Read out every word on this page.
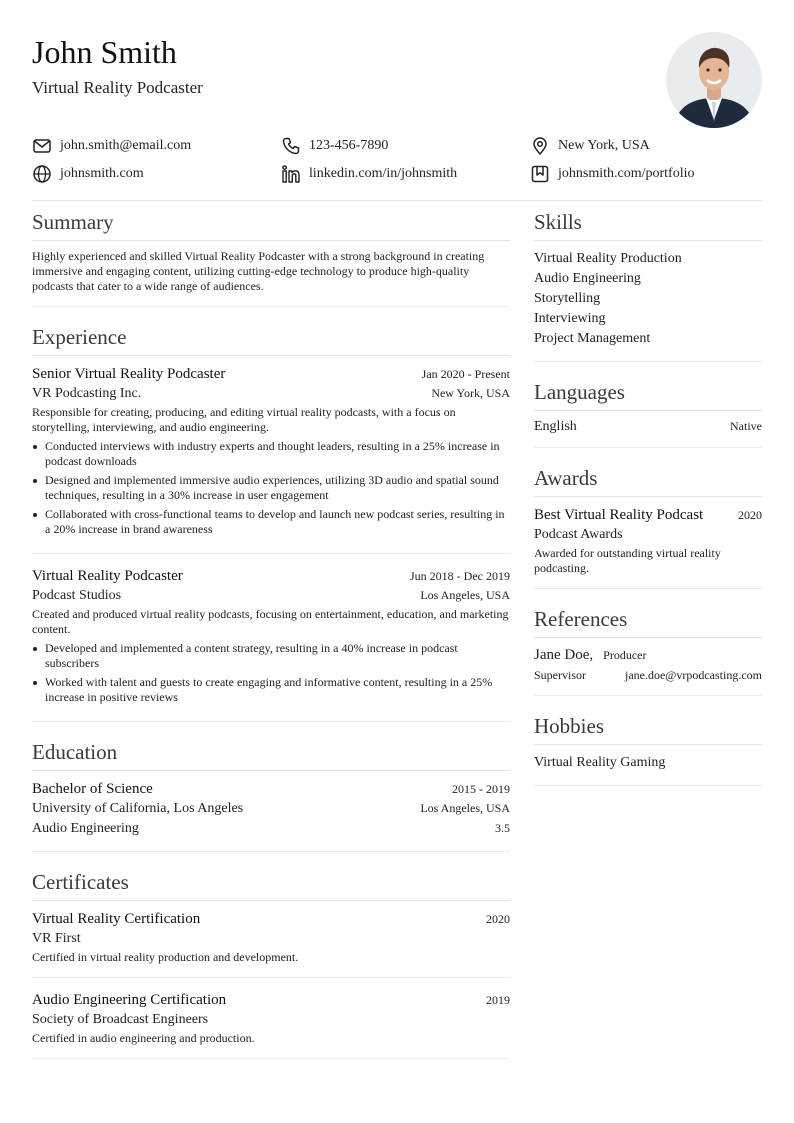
John Smith
Virtual Reality Podcaster
john.smith@email.com	123-456-7890	New York, USA
johnsmith.com	linkedin.com/in/johnsmith	johnsmith.com/portfolio
Summary
Highly experienced and skilled Virtual Reality Podcaster with a strong background in creating immersive and engaging content, utilizing cutting-edge technology to produce high-quality podcasts that cater to a wide range of audiences.
Experience
Senior Virtual Reality Podcaster	Jan 2020 - Present
VR Podcasting Inc.	New York, USA
Responsible for creating, producing, and editing virtual reality podcasts, with a focus on storytelling, interviewing, and audio engineering.
Conducted interviews with industry experts and thought leaders, resulting in a 25% increase in podcast downloads
Designed and implemented immersive audio experiences, utilizing 3D audio and spatial sound techniques, resulting in a 30% increase in user engagement
Collaborated with cross-functional teams to develop and launch new podcast series, resulting in a 20% increase in brand awareness
Virtual Reality Podcaster	Jun 2018 - Dec 2019
Podcast Studios	Los Angeles, USA
Created and produced virtual reality podcasts, focusing on entertainment, education, and marketing content.
Developed and implemented a content strategy, resulting in a 40% increase in podcast subscribers
Worked with talent and guests to create engaging and informative content, resulting in a 25% increase in positive reviews
Education
Bachelor of Science	2015 - 2019
University of California, Los Angeles	Los Angeles, USA
Audio Engineering	3.5
Certificates
Virtual Reality Certification	2020
VR First
Certified in virtual reality production and development.
Audio Engineering Certification	2019
Society of Broadcast Engineers
Certified in audio engineering and production.
Skills
Virtual Reality Production
Audio Engineering
Storytelling
Interviewing
Project Management
Languages
English	Native
Awards
Best Virtual Reality Podcast	2020
Podcast Awards
Awarded for outstanding virtual reality podcasting.
References
Jane Doe, Producer
Supervisor	jane.doe@vrpodcasting.com
Hobbies
Virtual Reality Gaming
